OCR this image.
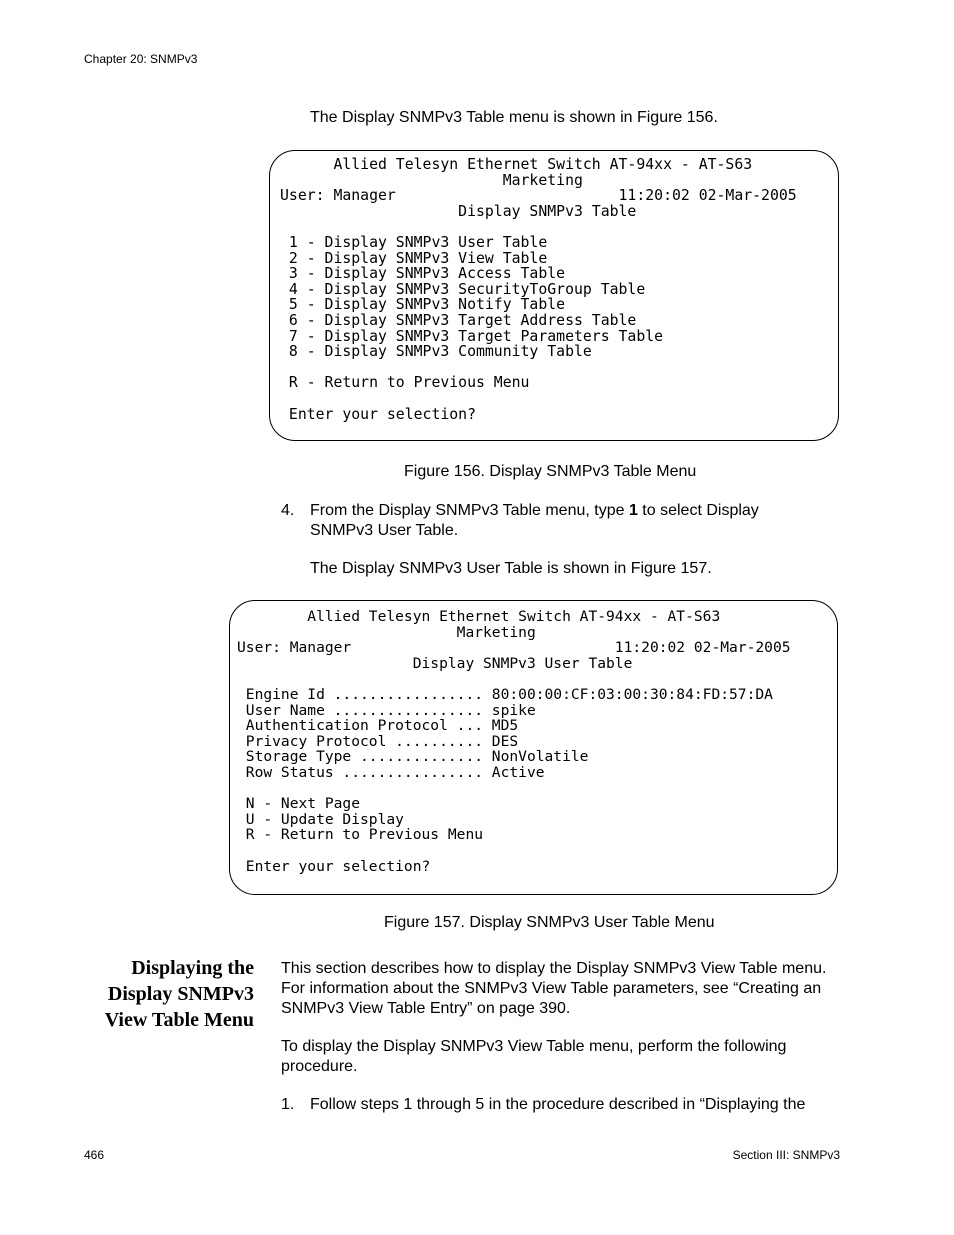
Chapter 20: SNMPv3
The Display SNMPv3 Table menu is shown in Figure 156.
Allied Telesyn Ethernet Switch AT-94xx - AT-S63
Marketing
User: Manager                         11:20:02 02-Mar-2005
Display SNMPv3 Table

1 - Display SNMPv3 User Table
2 - Display SNMPv3 View Table
3 - Display SNMPv3 Access Table
4 - Display SNMPv3 SecurityToGroup Table
5 - Display SNMPv3 Notify Table
6 - Display SNMPv3 Target Address Table
7 - Display SNMPv3 Target Parameters Table
8 - Display SNMPv3 Community Table

R - Return to Previous Menu

Enter your selection?
Figure 156. Display SNMPv3 Table Menu
4. From the Display SNMPv3 Table menu, type 1 to select Display SNMPv3 User Table.
The Display SNMPv3 User Table is shown in Figure 157.
Allied Telesyn Ethernet Switch AT-94xx - AT-S63
Marketing
User: Manager                              11:20:02 02-Mar-2005
Display SNMPv3 User Table

Engine Id ................. 80:00:00:CF:03:00:30:84:FD:57:DA
User Name ................. spike
Authentication Protocol ... MD5
Privacy Protocol .......... DES
Storage Type .............. NonVolatile
Row Status ................ Active

N - Next Page
U - Update Display
R - Return to Previous Menu

Enter your selection?
Figure 157. Display SNMPv3 User Table Menu
Displaying the
Display SNMPv3
View Table Menu
This section describes how to display the Display SNMPv3 View Table menu. For information about the SNMPv3 View Table parameters, see “Creating an SNMPv3 View Table Entry” on page 390.
To display the Display SNMPv3 View Table menu, perform the following procedure.
1. Follow steps 1 through 5 in the procedure described in “Displaying the
466	Section III: SNMPv3
